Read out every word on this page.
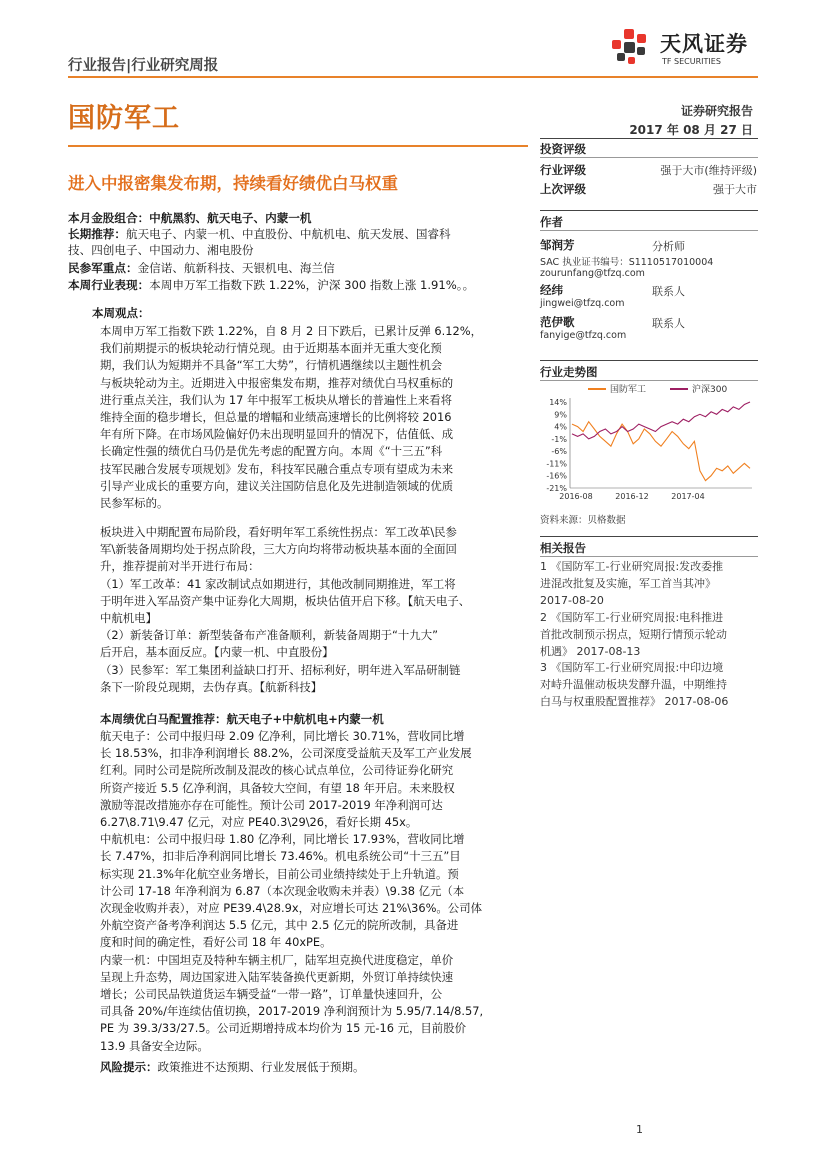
天风证券
TF SECURITIES
行业报告|行业研究周报
国防军工	证券研究报告
2017 年 08 月 27 日
进入中报密集发布期，持续看好绩优白马权重
本月金股组合：中航黑豹、航天电子、内蒙一机
长期推荐：航天电子、内蒙一机、中直股份、中航机电、航天发展、国睿科
技、四创电子、中国动力、湘电股份
民参军重点：金信诺、航新科技、天银机电、海兰信
本周行业表现：本周申万军工指数下跌 1.22%，沪深 300 指数上涨 1.91%。。
本周观点：
本周申万军工指数下跌 1.22%，自 8 月 2 日下跌后，已累计反弹 6.12%，
我们前期提示的板块轮动行情兑现。由于近期基本面并无重大变化预
期，我们认为短期并不具备“军工大势”，行情机遇继续以主题性机会
与板块轮动为主。近期进入中报密集发布期，推荐对绩优白马权重标的
进行重点关注，我们认为 17 年中报军工板块从增长的普遍性上来看将
维持全面的稳步增长，但总量的增幅和业绩高速增长的比例将较 2016
年有所下降。在市场风险偏好仍未出现明显回升的情况下，估值低、成
长确定性强的绩优白马仍是优先考虑的配置方向。本周《“十三五”科
技军民融合发展专项规划》发布，科技军民融合重点专项有望成为未来
引导产业成长的重要方向，建议关注国防信息化及先进制造领域的优质
民参军标的。
板块进入中期配置布局阶段，看好明年军工系统性拐点：军工改革\民参
军\新装备周期均处于拐点阶段，三大方向均将带动板块基本面的全面回
升，推荐提前对半开进行布局：
（1）军工改革：41 家改制试点如期进行，其他改制同期推进，军工将
于明年进入军品资产集中证券化大周期，板块估值开启下移。【航天电子、
中航机电】
（2）新装备订单：新型装备布产准备顺利，新装备周期于“十九大”
后开启，基本面反应。【内蒙一机、中直股份】
（3）民参军：军工集团利益缺口打开、招标利好，明年进入军品研制链
条下一阶段兑现期，去伪存真。【航新科技】
本周绩优白马配置推荐：航天电子+中航机电+内蒙一机
航天电子：公司中报归母 2.09 亿净利，同比增长 30.71%，营收同比增
长 18.53%，扣非净利润增长 88.2%，公司深度受益航天及军工产业发展
红利。同时公司是院所改制及混改的核心试点单位，公司待证券化研究
所资产接近 5.5 亿净利润，具备较大空间，有望 18 年开启。未来股权
激励等混改措施亦存在可能性。预计公司 2017-2019 年净利润可达
6.27\8.71\9.47 亿元，对应 PE40.3\29\26，看好长期 45x。
中航机电：公司中报归母 1.80 亿净利，同比增长 17.93%，营收同比增
长 7.47%，扣非后净利润同比增长 73.46%。机电系统公司“十三五”目
标实现 21.3%年化航空业务增长，目前公司业绩持续处于上升轨道。预
计公司 17-18 年净利润为 6.87（本次现金收购未并表）\9.38 亿元（本
次现金收购并表），对应 PE39.4\28.9x，对应增长可达 21%\36%。公司体
外航空资产备考净利润达 5.5 亿元，其中 2.5 亿元的院所改制，具备进
度和时间的确定性，看好公司 18 年 40xPE。
内蒙一机：中国坦克及特种车辆主机厂，陆军坦克换代进度稳定，单价
呈现上升态势，周边国家进入陆军装备换代更新期，外贸订单持续快速
增长；公司民品铁道货运车辆受益“一带一路”，订单量快速回升，公
司具备 20%/年连续估值切换，2017-2019 净利润预计为 5.95/7.14/8.57,
PE 为 39.3/33/27.5。公司近期增持成本均价为 15 元-16 元，目前股价
13.9 具备安全边际。
风险提示：政策推进不达预期、行业发展低于预期。
投资评级
行业评级	强于大市(维持评级)
上次评级	强于大市
作者
邹润芳	分析师
SAC 执业证书编号：S1110517010004
zourunfang@tfzq.com
经纬	联系人
jingwei@tfzq.com
范伊歌	联系人
fanyige@tfzq.com
行业走势图
国防军工	沪深300
14%
9%
4%
-1%
-6%
-11%
-16%
-21%
2016-08	2016-12	2017-04
资料来源：贝格数据
相关报告
1 《国防军工-行业研究周报:发改委推
进混改批复及实施，军工首当其冲》
2017-08-20
2 《国防军工-行业研究周报:电科推进
首批改制预示拐点，短期行情预示轮动
机遇》 2017-08-13
3 《国防军工-行业研究周报:中印边境
对峙升温催动板块发酵升温，中期维持
白马与权重股配置推荐》 2017-08-06
1
